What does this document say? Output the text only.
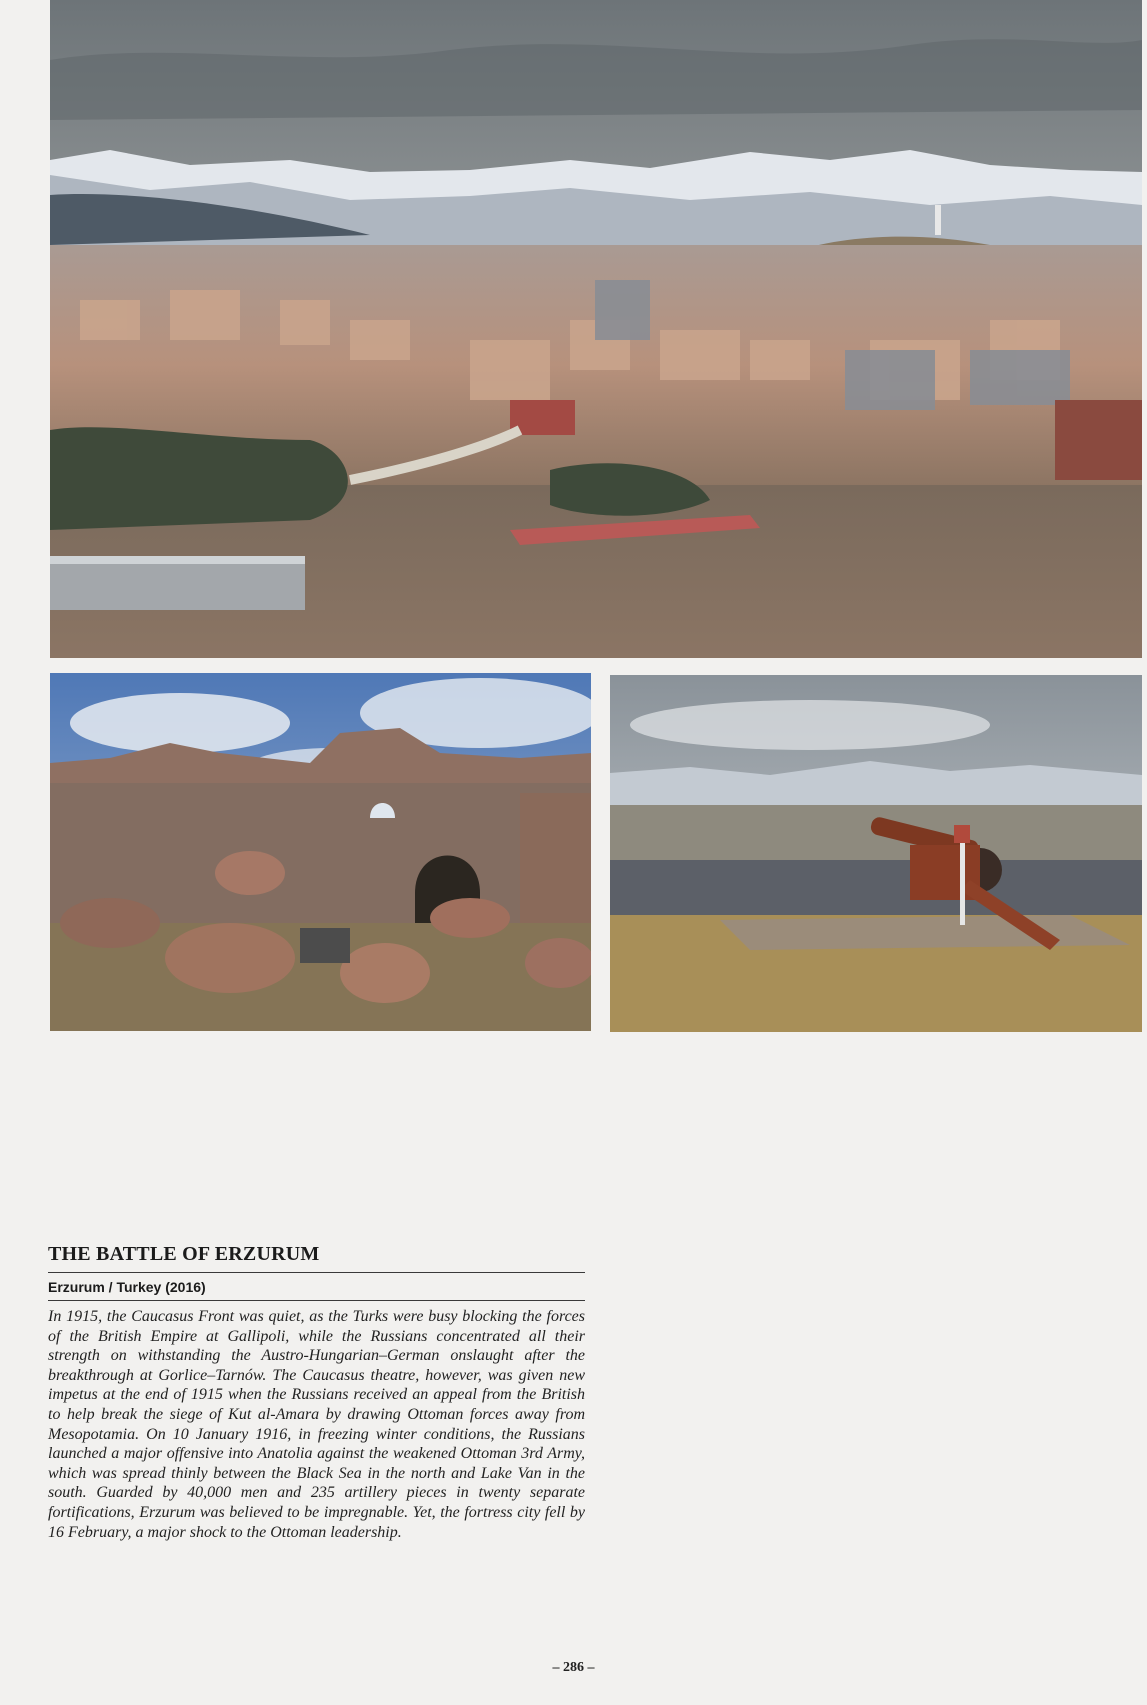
THE BATTLE OF ERZURUM
Erzurum / Turkey (2016)

In 1915, the Caucasus Front was quiet, as the Turks were busy blocking the forces of the British Empire at Gallipoli, while the Russians concentrated all their strength on withstanding the Austro-Hungarian–German onslaught after the breakthrough at Gorlice–Tarnów. The Caucasus theatre, however, was given new impetus at the end of 1915 when the Russians received an appeal from the British to help break the siege of Kut al-Amara by drawing Ottoman forces away from Mesopotamia. On 10 January 1916, in freezing winter conditions, the Russians launched a major offensive into Anatolia against the weakened Ottoman 3rd Army, which was spread thinly between the Black Sea in the north and Lake Van in the south. Guarded by 40,000 men and 235 artillery pieces in twenty separate fortifications, Erzurum was believed to be impregnable. Yet, the fortress city fell by 16 February, a major shock to the Ottoman leadership.

– 286 –
